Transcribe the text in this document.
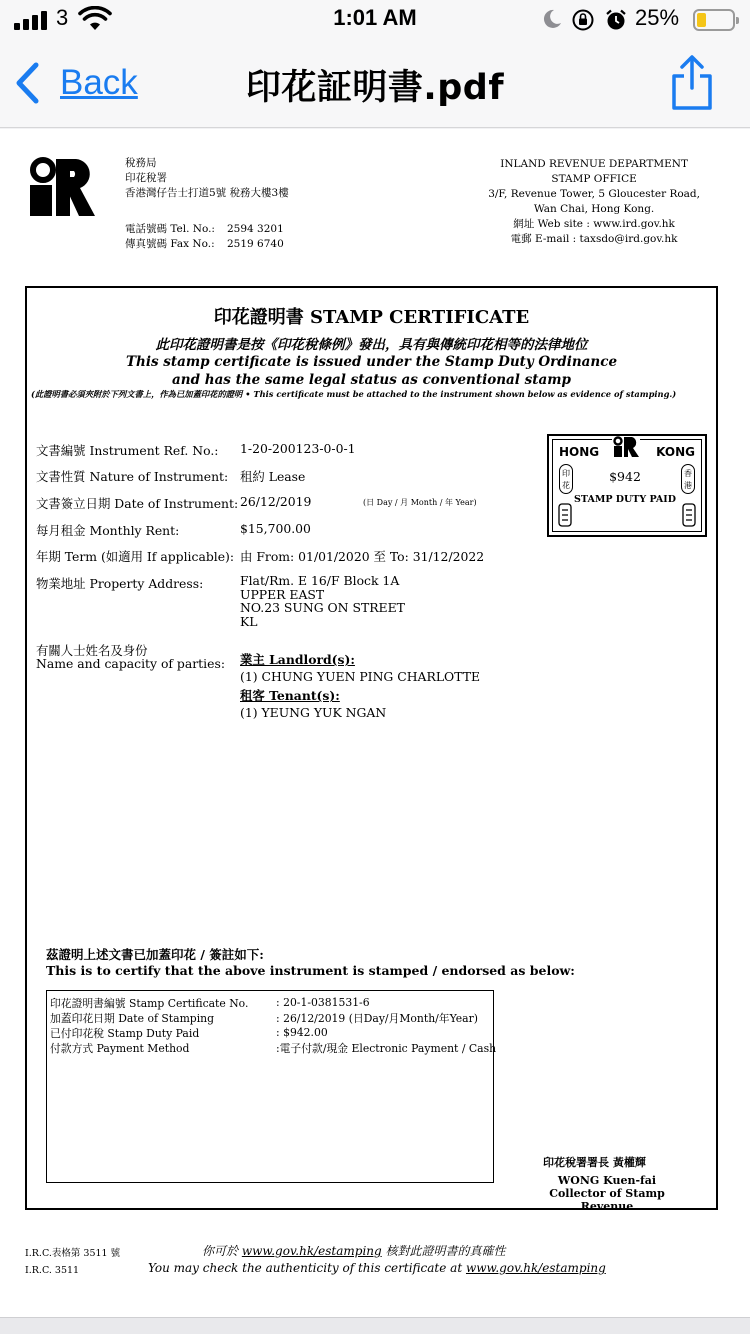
3	1:01 AM	25%
Back	印花証明書.pdf
稅務局
印花稅署
香港灣仔告士打道5號 稅務大樓3樓
電話號碼 Tel. No.: 2594 3201
傳真號碼 Fax No.: 2519 6740
INLAND REVENUE DEPARTMENT
STAMP OFFICE
3/F, Revenue Tower, 5 Gloucester Road,
Wan Chai, Hong Kong.
網址 Web site : www.ird.gov.hk
電郵 E-mail : taxsdo@ird.gov.hk
印花證明書 STAMP CERTIFICATE
此印花證明書是按《印花稅條例》發出，具有與傳統印花相等的法律地位
This stamp certificate is issued under the Stamp Duty Ordinance
and has the same legal status as conventional stamp
(此證明書必須夾附於下列文書上，作為已加蓋印花的證明 • This certificate must be attached to the instrument shown below as evidence of stamping.)
文書編號 Instrument Ref. No.: 1-20-200123-0-0-1
文書性質 Nature of Instrument: 租約 Lease
文書簽立日期 Date of Instrument: 26/12/2019	(日 Day / 月 Month / 年 Year)
每月租金 Monthly Rent:	$15,700.00
年期 Term (如適用 If applicable): 由 From: 01/01/2020 至 To: 31/12/2022
物業地址 Property Address:	Flat/Rm. E 16/F Block 1A
UPPER EAST
NO.23 SUNG ON STREET
KL
有關人士姓名及身份
Name and capacity of parties: 業主 Landlord(s):
(1) CHUNG YUEN PING CHARLOTTE
租客 Tenant(s):
(1) YEUNG YUK NGAN
HONG	KONG
$942
STAMP DUTY PAID
印花
香港
茲證明上述文書已加蓋印花 / 簽註如下:
This is to certify that the above instrument is stamped / endorsed as below:
印花證明書編號 Stamp Certificate No.	: 20-1-0381531-6
加蓋印花日期 Date of Stamping	: 26/12/2019 (日Day/月Month/年Year)
已付印花稅 Stamp Duty Paid	: $942.00
付款方式 Payment Method	:電子付款/現金 Electronic Payment / Cash
印花稅署署長 黃權輝
WONG Kuen-fai
Collector of Stamp Revenue
I.R.C.表格第 3511 號
I.R.C. 3511
你可於 www.gov.hk/estamping 核對此證明書的真確性
You may check the authenticity of this certificate at www.gov.hk/estamping
